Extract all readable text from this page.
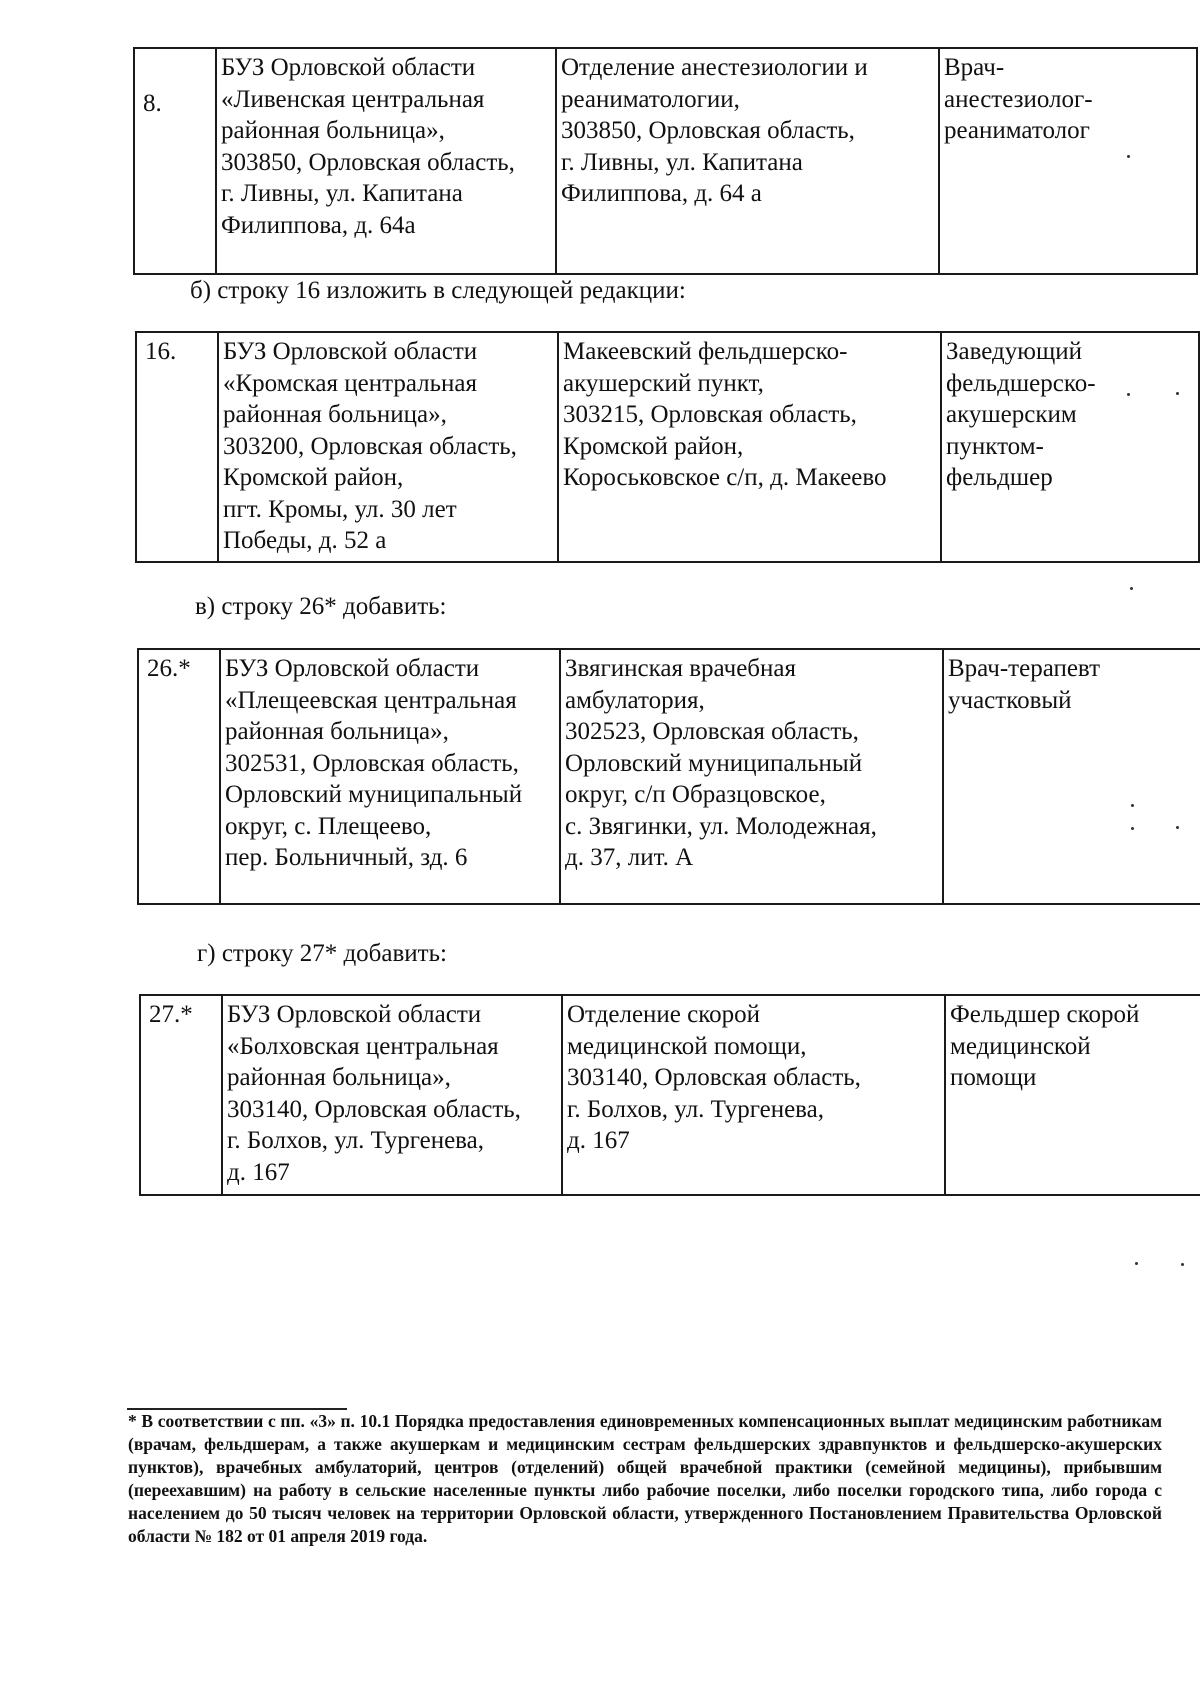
8.	БУЗ Орловской области
«Ливенская центральная
районная больница»,
303850, Орловская область,
г. Ливны, ул. Капитана
Филиппова, д. 64а	Отделение анестезиологии и
реаниматологии,
303850, Орловская область,
г. Ливны, ул. Капитана
Филиппова, д. 64 а	Врач-
анестезиолог-
реаниматолог
б) строку 16 изложить в следующей редакции:
16.	БУЗ Орловской области
«Кромская центральная
районная больница»,
303200, Орловская область,
Кромской район,
пгт. Кромы, ул. 30 лет
Победы, д. 52 а	Макеевский фельдшерско-
акушерский пункт,
303215, Орловская область,
Кромской район,
Короськовское с/п, д. Макеево	Заведующий
фельдшерско-
акушерским
пунктом-
фельдшер
в) строку 26* добавить:
26.*	БУЗ Орловской области
«Плещеевская центральная
районная больница»,
302531, Орловская область,
Орловский муниципальный
округ, с. Плещеево,
пер. Больничный, зд. 6	Звягинская врачебная
амбулатория,
302523, Орловская область,
Орловский муниципальный
округ, с/п Образцовское,
с. Звягинки, ул. Молодежная,
д. 37, лит. А	Врач-терапевт
участковый
г) строку 27* добавить:
27.*	БУЗ Орловской области
«Болховская центральная
районная больница»,
303140, Орловская область,
г. Болхов, ул. Тургенева,
д. 167	Отделение скорой
медицинской помощи,
303140, Орловская область,
г. Болхов, ул. Тургенева,
д. 167	Фельдшер скорой
медицинской
помощи
* В соответствии с пп. «3» п. 10.1 Порядка предоставления единовременных компенсационных выплат медицинским работникам (врачам, фельдшерам, а также акушеркам и медицинским сестрам фельдшерских здравпунктов и фельдшерско-акушерских пунктов), врачебных амбулаторий, центров (отделений) общей врачебной практики (семейной медицины), прибывшим (переехавшим) на работу в сельские населенные пункты либо рабочие поселки, либо поселки городского типа, либо города с населением до 50 тысяч человек на территории Орловской области, утвержденного Постановлением Правительства Орловской области № 182 от 01 апреля 2019 года.
